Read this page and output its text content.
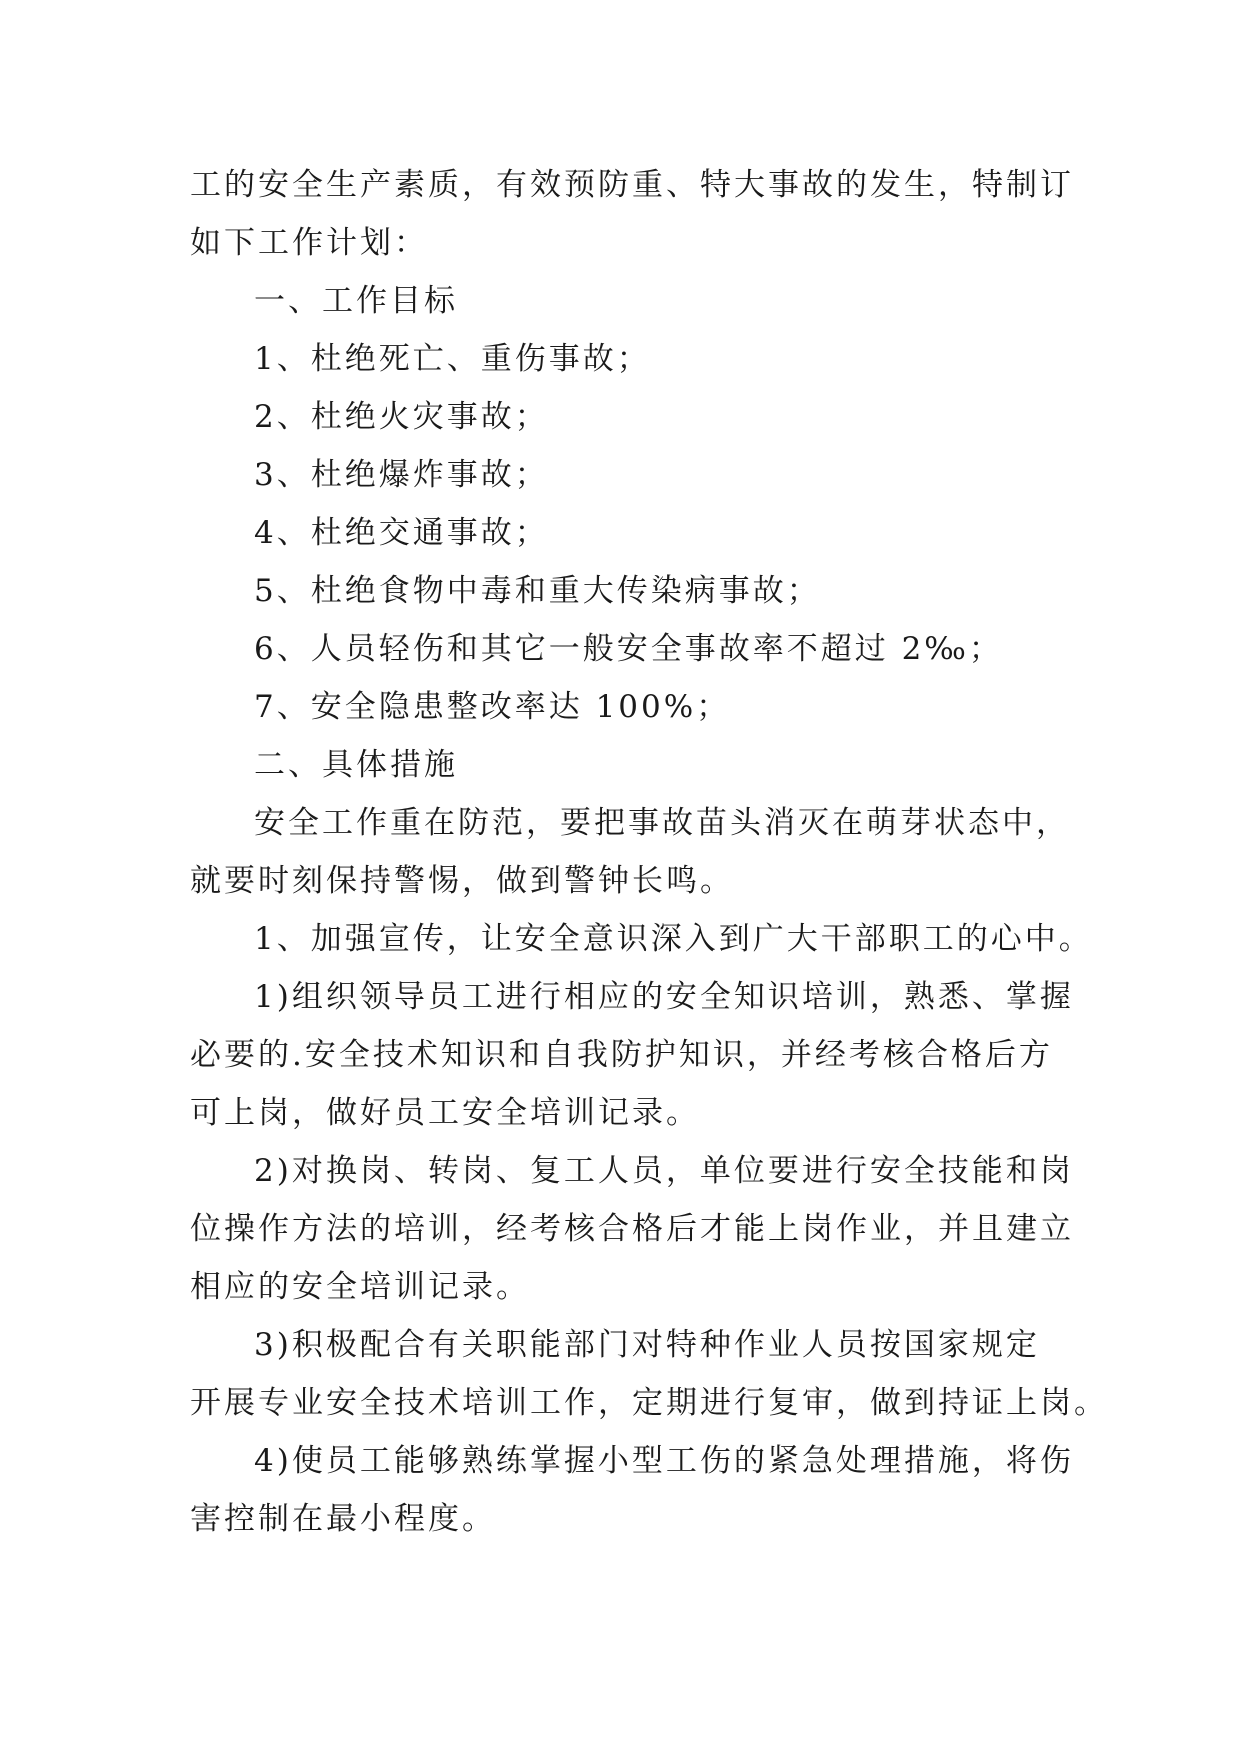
工的安全生产素质，有效预防重、特大事故的发生，特制订
如下工作计划：
一、工作目标
1、杜绝死亡、重伤事故；
2、杜绝火灾事故；
3、杜绝爆炸事故；
4、杜绝交通事故；
5、杜绝食物中毒和重大传染病事故；
6、人员轻伤和其它一般安全事故率不超过 2‰；
7、安全隐患整改率达 100%；
二、具体措施
安全工作重在防范，要把事故苗头消灭在萌芽状态中，
就要时刻保持警惕，做到警钟长鸣。
1、加强宣传，让安全意识深入到广大干部职工的心中。
1)组织领导员工进行相应的安全知识培训，熟悉、掌握
必要的.安全技术知识和自我防护知识，并经考核合格后方
可上岗，做好员工安全培训记录。
2)对换岗、转岗、复工人员，单位要进行安全技能和岗
位操作方法的培训，经考核合格后才能上岗作业，并且建立
相应的安全培训记录。
3)积极配合有关职能部门对特种作业人员按国家规定
开展专业安全技术培训工作，定期进行复审，做到持证上岗。
4)使员工能够熟练掌握小型工伤的紧急处理措施，将伤
害控制在最小程度。
